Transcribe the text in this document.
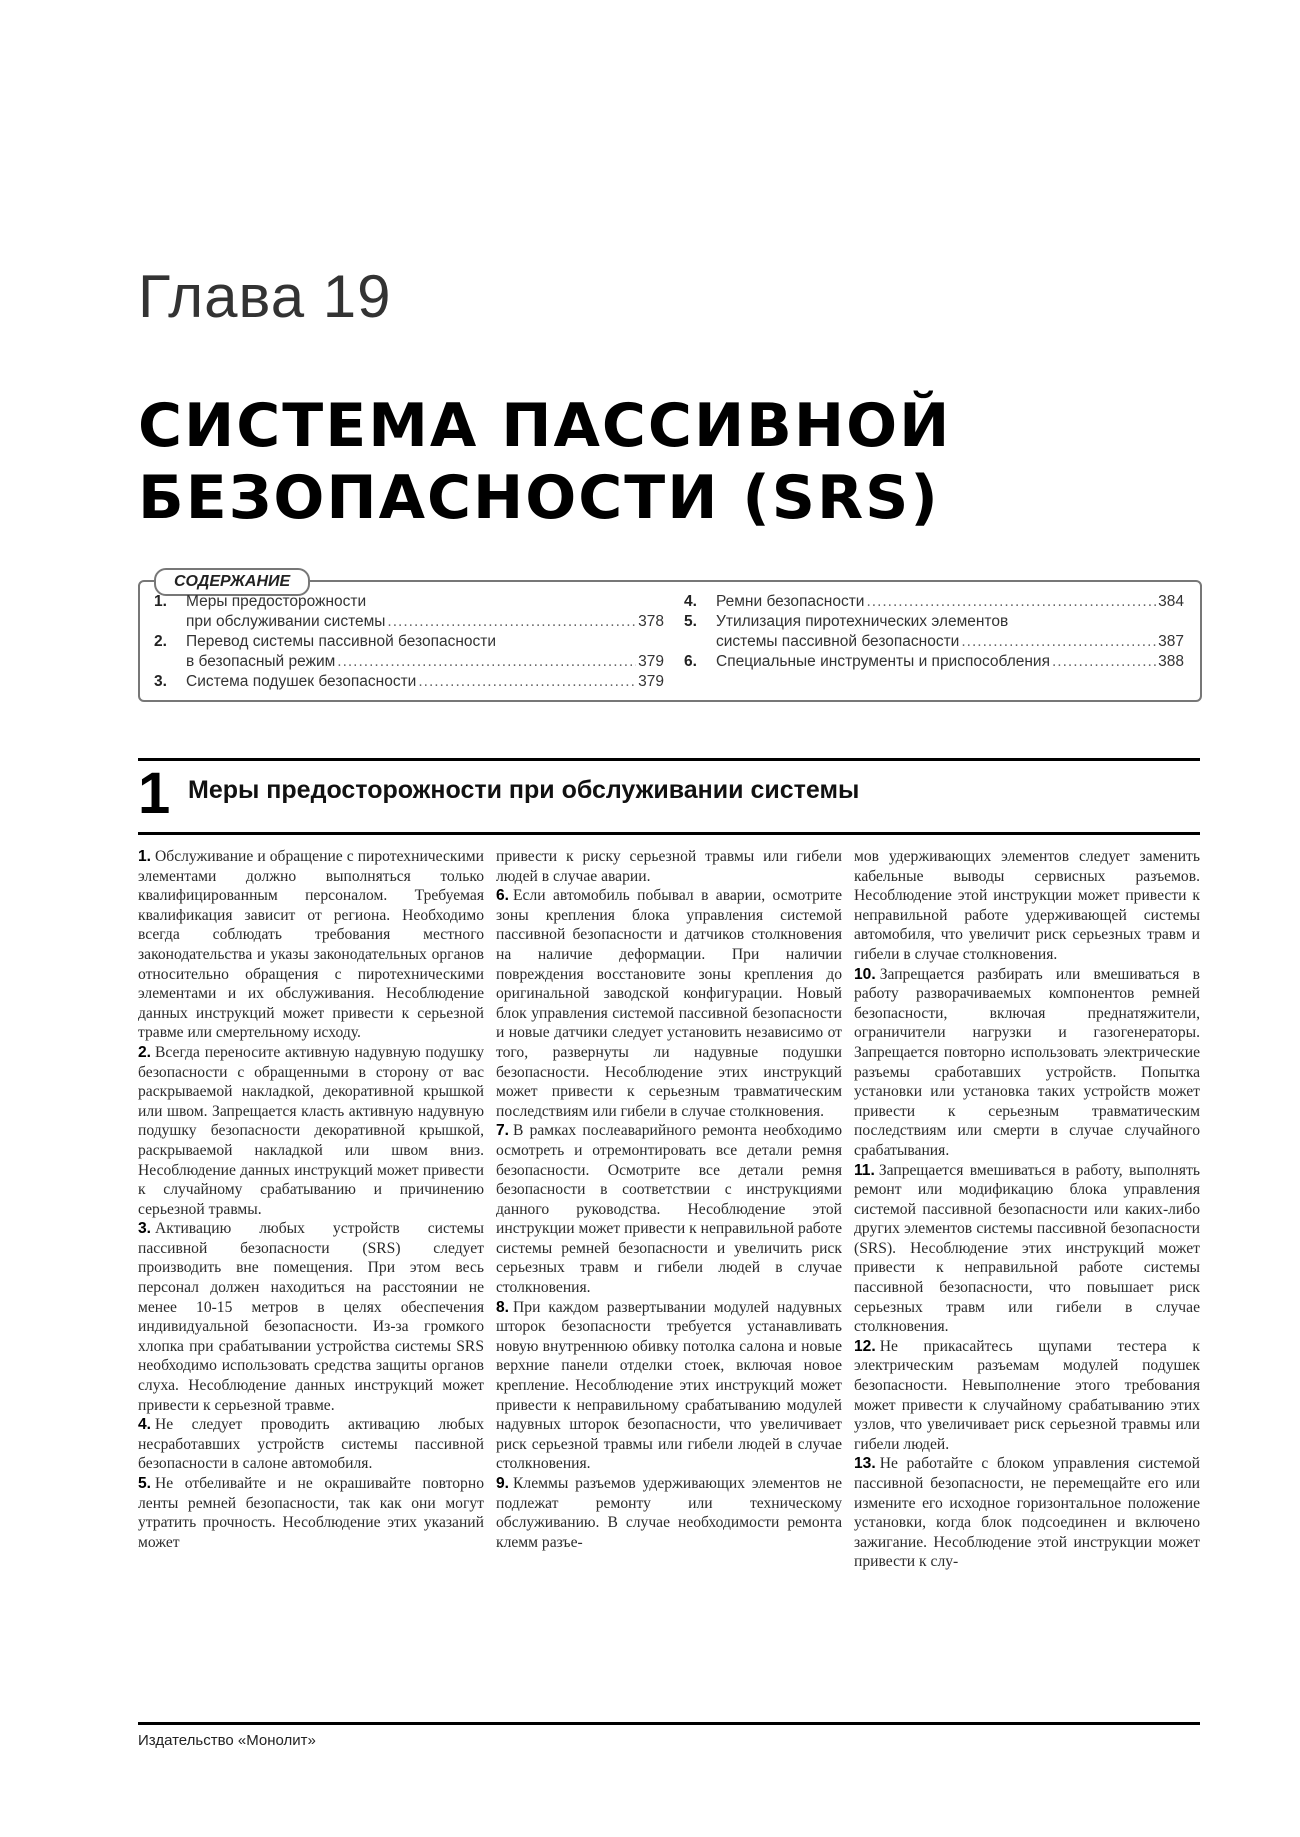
Глава 19
СИСТЕМА ПАССИВНОЙ
БЕЗОПАСНОСТИ (SRS)
СОДЕРЖАНИЕ
1.	Меры предосторожности
при обслуживании системы .....	378
2.	Перевод системы пассивной безопасности
в безопасный режим .....	379
3.	Система подушек безопасности .....	379
4.	Ремни безопасности .....	384
5.	Утилизация пиротехнических элементов
системы пассивной безопасности .....	387
6.	Специальные инструменты и приспособления .....	388
1 Меры предосторожности при обслуживании системы

1. Обслуживание и обращение с пиротехническими элементами должно выполняться только квалифицированным персоналом. Требуемая квалификация зависит от региона. Необходимо всегда соблюдать требования местного законодательства и указы законодательных органов относительно обращения с пиротехническими элементами и их обслуживания. Несоблюдение данных инструкций может привести к серьезной травме или смертельному исходу.

2. Всегда переносите активную надувную подушку безопасности с обращенными в сторону от вас раскрываемой накладкой, декоративной крышкой или швом. Запрещается класть активную надувную подушку безопасности декоративной крышкой, раскрываемой накладкой или швом вниз. Несоблюдение данных инструкций может привести к случайному срабатыванию и причинению серьезной травмы.

3. Активацию любых устройств системы пассивной безопасности (SRS) следует производить вне помещения. При этом весь персонал должен находиться на расстоянии не менее 10-15 метров в целях обеспечения индивидуальной безопасности. Из-за громкого хлопка при срабатывании устройства системы SRS необходимо использовать средства защиты органов слуха. Несоблюдение данных инструкций может привести к серьезной травме.

4. Не следует проводить активацию любых несработавших устройств системы пассивной безопасности в салоне автомобиля.

5. Не отбеливайте и не окрашивайте повторно ленты ремней безопасности, так как они могут утратить прочность. Несоблюдение этих указаний может

привести к риску серьезной травмы или гибели людей в случае аварии.

6. Если автомобиль побывал в аварии, осмотрите зоны крепления блока управления системой пассивной безопасности и датчиков столкновения на наличие деформации. При наличии повреждения восстановите зоны крепления до оригинальной заводской конфигурации. Новый блок управления системой пассивной безопасности и новые датчики следует установить независимо от того, развернуты ли надувные подушки безопасности. Несоблюдение этих инструкций может привести к серьезным травматическим последствиям или гибели в случае столкновения.

7. В рамках послеаварийного ремонта необходимо осмотреть и отремонтировать все детали ремня безопасности. Осмотрите все детали ремня безопасности в соответствии с инструкциями данного руководства. Несоблюдение этой инструкции может привести к неправильной работе системы ремней безопасности и увеличить риск серьезных травм и гибели людей в случае столкновения.

8. При каждом развертывании модулей надувных шторок безопасности требуется устанавливать новую внутреннюю обивку потолка салона и новые верхние панели отделки стоек, включая новое крепление. Несоблюдение этих инструкций может привести к неправильному срабатыванию модулей надувных шторок безопасности, что увеличивает риск серьезной травмы или гибели людей в случае столкновения.

9. Клеммы разъемов удерживающих элементов не подлежат ремонту или техническому обслуживанию. В случае необходимости ремонта клемм разъе-

мов удерживающих элементов следует заменить кабельные выводы сервисных разъемов. Несоблюдение этой инструкции может привести к неправильной работе удерживающей системы автомобиля, что увеличит риск серьезных травм и гибели в случае столкновения.

10. Запрещается разбирать или вмешиваться в работу разворачиваемых компонентов ремней безопасности, включая преднатяжители, ограничители нагрузки и газогенераторы. Запрещается повторно использовать электрические разъемы сработавших устройств. Попытка установки или установка таких устройств может привести к серьезным травматическим последствиям или смерти в случае случайного срабатывания.

11. Запрещается вмешиваться в работу, выполнять ремонт или модификацию блока управления системой пассивной безопасности или каких-либо других элементов системы пассивной безопасности (SRS). Несоблюдение этих инструкций может привести к неправильной работе системы пассивной безопасности, что повышает риск серьезных травм или гибели в случае столкновения.

12. Не прикасайтесь щупами тестера к электрическим разъемам модулей подушек безопасности. Невыполнение этого требования может привести к случайному срабатыванию этих узлов, что увеличивает риск серьезной травмы или гибели людей.

13. Не работайте с блоком управления системой пассивной безопасности, не перемещайте его или измените его исходное горизонтальное положение установки, когда блок подсоединен и включено зажигание. Несоблюдение этой инструкции может привести к слу-

Издательство «Монолит»
